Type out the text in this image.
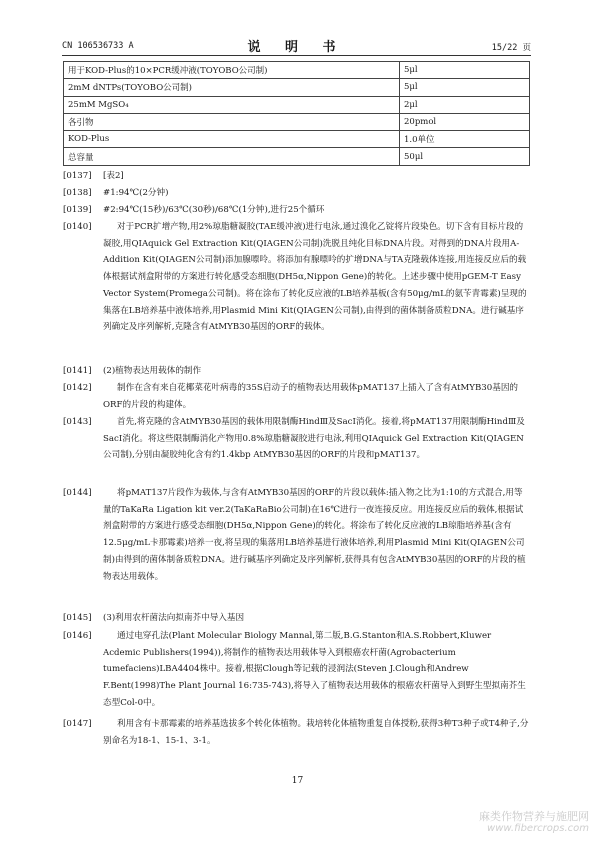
CN 106536733 A	说 明 书	15/22 页
用于KOD-Plus的10×PCR缓冲液(TOYOBO公司制)	5μl
2mM dNTPs(TOYOBO公司制)	5μl
25mM MgSO₄	2μl
各引物	20pmol
KOD-Plus	1.0单位
总容量	50μl
[0137]	[表2]
[0138]	#1:94℃(2分钟)
[0139]	#2:94℃(15秒)/63℃(30秒)/68℃(1分钟),进行25个循环
[0140]	对于PCR扩增产物,用2%琼脂糖凝胶(TAE缓冲液)进行电泳,通过溴化乙锭将片段染色。切下含有目标片段的凝胶,用QIAquick Gel Extraction Kit(QIAGEN公司制)洗脱且纯化目标DNA片段。对得到的DNA片段用A-Addition Kit(QIAGEN公司制)添加腺嘌呤。将添加有腺嘌呤的扩增DNA与TA克隆载体连接,用连接反应后的载体根据试剂盒附带的方案进行转化感受态细胞(DH5α,Nippon Gene)的转化。上述步骤中使用pGEM-T Easy Vector System(Promega公司制)。将在涂布了转化反应液的LB培养基板(含有50μg/mL的氨苄青霉素)呈现的集落在LB培养基中液体培养,用Plasmid Mini Kit(QIAGEN公司制),由得到的菌体制备质粒DNA。进行碱基序列确定及序列解析,克隆含有AtMYB30基因的ORF的载体。
[0141]	(2)植物表达用载体的制作
[0142]	制作在含有来自花椰菜花叶病毒的35S启动子的植物表达用载体pMAT137上插入了含有AtMYB30基因的ORF的片段的构建体。
[0143]	首先,将克隆的含AtMYB30基因的载体用限制酶HindⅢ及SacI消化。接着,将pMAT137用限制酶HindⅢ及SacI消化。将这些限制酶消化产物用0.8%琼脂糖凝胶进行电泳,利用QIAquick Gel Extraction Kit(QIAGEN公司制),分别由凝胶纯化含有约1.4kbp AtMYB30基因的ORF的片段和pMAT137。
[0144]	将pMAT137片段作为载体,与含有AtMYB30基因的ORF的片段以载体:插入物之比为1:10的方式混合,用等量的TaKaRa Ligation kit ver.2(TaKaRaBio公司制)在16℃进行一夜连接反应。用连接反应后的载体,根据试剂盒附带的方案进行感受态细胞(DH5α,Nippon Gene)的转化。将涂布了转化反应液的LB琼脂培养基(含有12.5μg/mL卡那霉素)培养一夜,将呈现的集落用LB培养基进行液体培养,利用Plasmid Mini Kit(QIAGEN公司制)由得到的菌体制备质粒DNA。进行碱基序列确定及序列解析,获得具有包含AtMYB30基因的ORF的片段的植物表达用载体。
[0145]	(3)利用农杆菌法向拟南芥中导入基因
[0146]	通过电穿孔法(Plant Molecular Biology Mannal,第二版,B.G.Stanton和A.S.Robbert,Kluwer Acdemic Publishers(1994)),将制作的植物表达用载体导入到根癌农杆菌(Agrobacterium tumefaciens)LBA4404株中。接着,根据Clough等记载的浸润法(Steven J.Clough和Andrew F.Bent(1998)The Plant Journal 16:735-743),将导入了植物表达用载体的根癌农杆菌导入到野生型拟南芥生态型Col-0中。
[0147]	利用含有卡那霉素的培养基选拔多个转化体植物。栽培转化体植物重复自体授粉,获得3种T3种子或T4种子,分别命名为18-1、15-1、3-1。
17
麻类作物营养与施肥网
www.fibercrops.com
